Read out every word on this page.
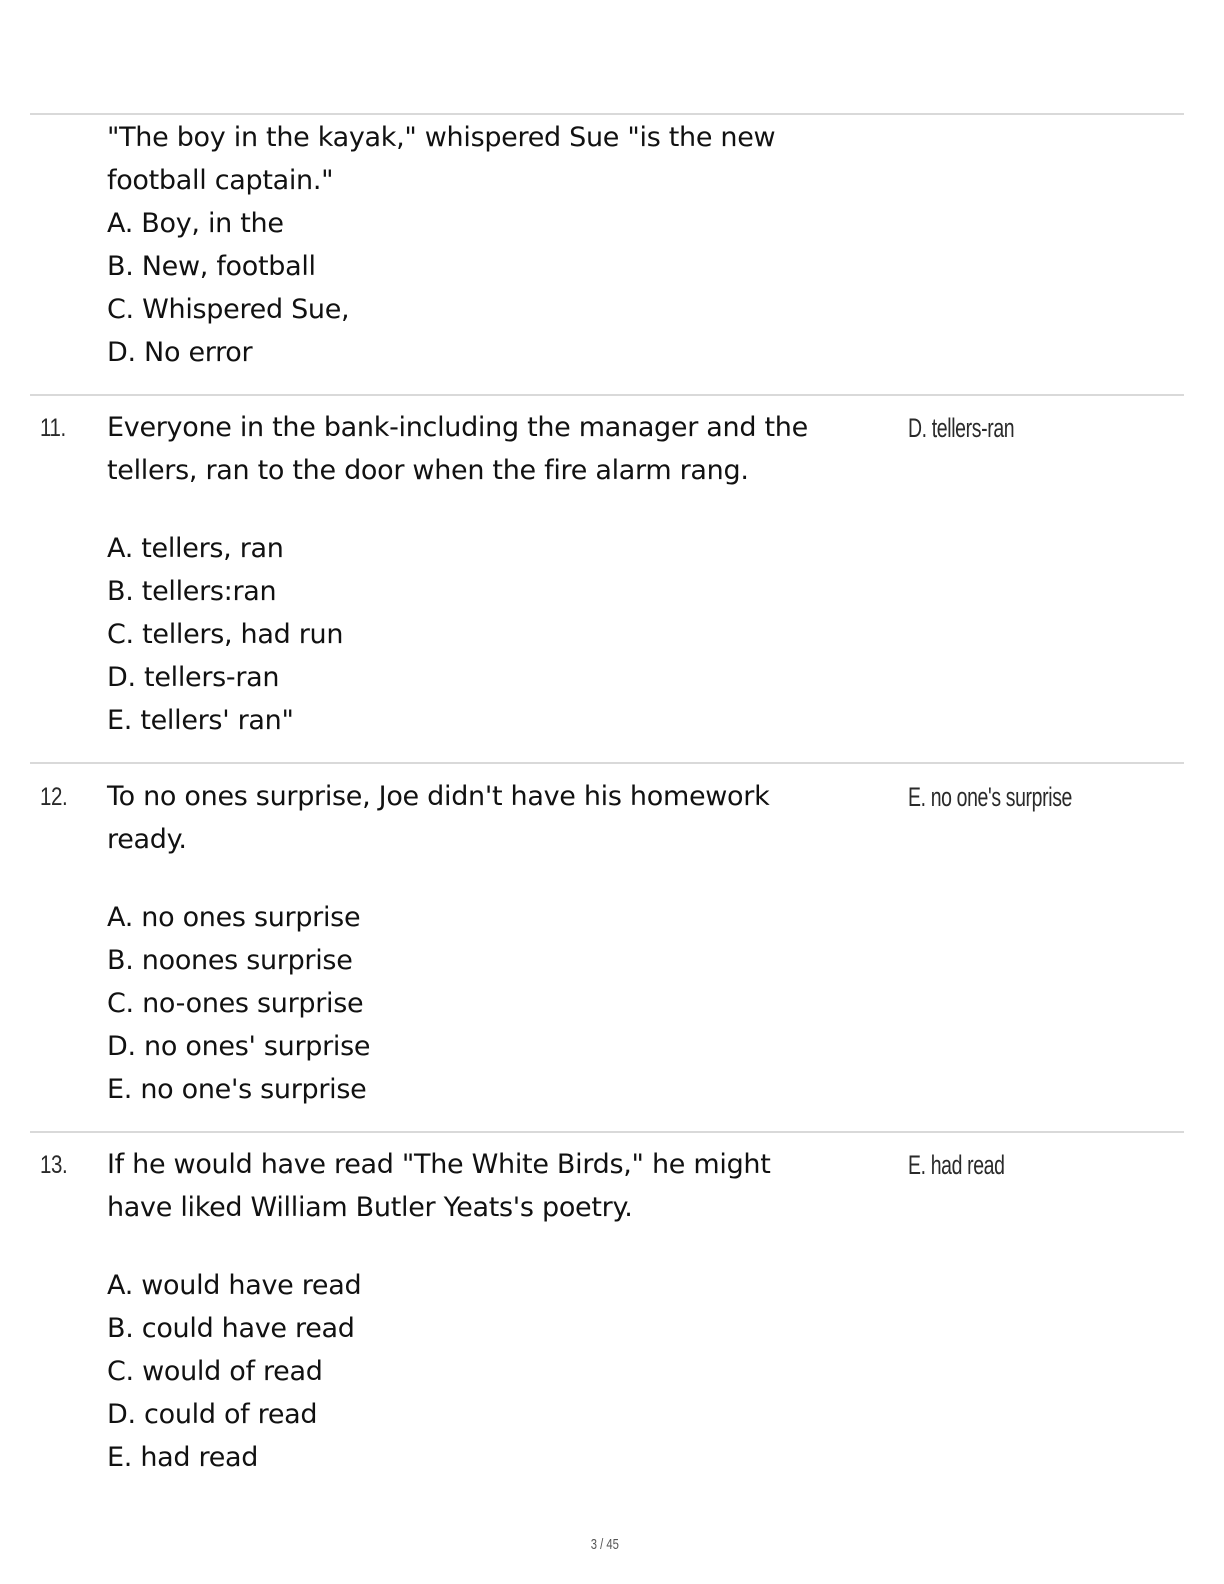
"The boy in the kayak," whispered Sue "is the new
football captain."
A. Boy, in the
B. New, football
C. Whispered Sue,
D. No error
11. Everyone in the bank-including the manager and the
tellers, ran to the door when the fire alarm rang.
D. tellers-ran
A. tellers, ran
B. tellers:ran
C. tellers, had run
D. tellers-ran
E. tellers' ran"
12. To no ones surprise, Joe didn't have his homework
ready.
E. no one's surprise
A. no ones surprise
B. noones surprise
C. no-ones surprise
D. no ones' surprise
E. no one's surprise
13. If he would have read "The White Birds," he might
have liked William Butler Yeats's poetry.
E. had read
A. would have read
B. could have read
C. would of read
D. could of read
E. had read
3 / 45
